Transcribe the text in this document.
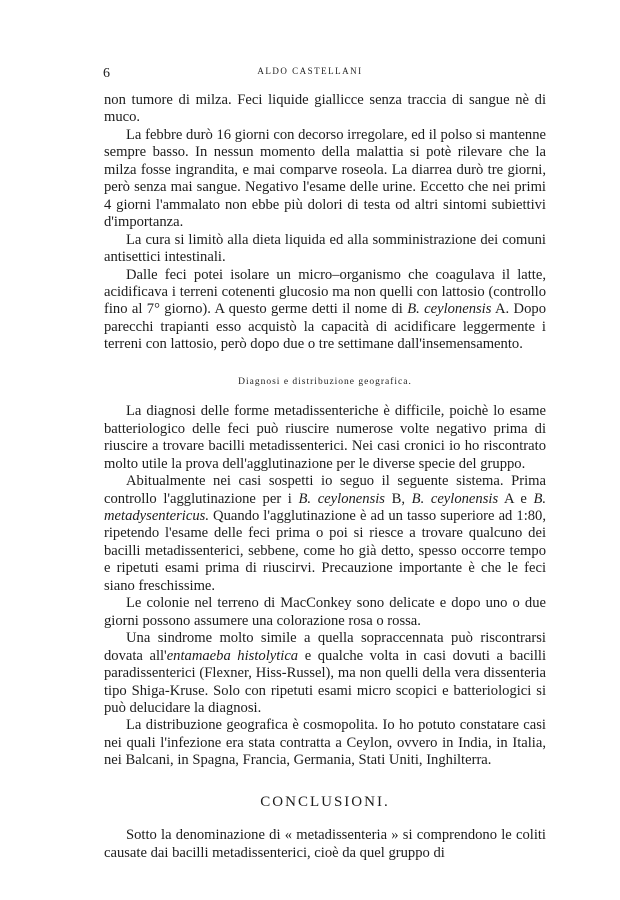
6	ALDO CASTELLANI

non tumore di milza. Feci liquide giallicce senza traccia di sangue nè di muco.

La febbre durò 16 giorni con decorso irregolare, ed il polso si mantenne sempre basso. In nessun momento della malattia si potè rilevare che la milza fosse ingrandita, e mai comparve roseola. La diarrea durò tre giorni, però senza mai sangue. Negativo l'esame delle urine. Eccetto che nei primi 4 giorni l'ammalato non ebbe più dolori di testa od altri sintomi subiettivi d'importanza.

La cura si limitò alla dieta liquida ed alla somministrazione dei comuni antisettici intestinali.

Dalle feci potei isolare un micro–organismo che coagulava il latte, acidificava i terreni cotenenti glucosio ma non quelli con lattosio (controllo fino al 7° giorno). A questo germe detti il nome di B. ceylonensis A. Dopo parecchi trapianti esso acquistò la capacità di acidificare leggermente i terreni con lattosio, però dopo due o tre settimane dall'insemensamento.

Diagnosi e distribuzione geografica.

La diagnosi delle forme metadissenteriche è difficile, poichè lo esame batteriologico delle feci può riuscire numerose volte negativo prima di riuscire a trovare bacilli metadissenterici. Nei casi cronici io ho riscontrato molto utile la prova dell'agglutinazione per le diverse specie del gruppo.

Abitualmente nei casi sospetti io seguo il seguente sistema. Prima controllo l'agglutinazione per i B. ceylonensis B, B. ceylonensis A e B. metadysentericus. Quando l'agglutinazione è ad un tasso superiore ad 1:80, ripetendo l'esame delle feci prima o poi si riesce a trovare qualcuno dei bacilli metadissenterici, sebbene, come ho già detto, spesso occorre tempo e ripetuti esami prima di riuscirvi. Precauzione importante è che le feci siano freschissime.

Le colonie nel terreno di MacConkey sono delicate e dopo uno o due giorni possono assumere una colorazione rosa o rossa.

Una sindrome molto simile a quella sopraccennata può riscontrarsi dovata all'entamaeba histolytica e qualche volta in casi dovuti a bacilli paradissenterici (Flexner, Hiss-Russel), ma non quelli della vera dissenteria tipo Shiga-Kruse. Solo con ripetuti esami micro scopici e batteriologici si può delucidare la diagnosi.

La distribuzione geografica è cosmopolita. Io ho potuto constatare casi nei quali l'infezione era stata contratta a Ceylon, ovvero in India, in Italia, nei Balcani, in Spagna, Francia, Germania, Stati Uniti, Inghilterra.

CONCLUSIONI.

Sotto la denominazione di « metadissenteria » si comprendono le coliti causate dai bacilli metadissenterici, cioè da quel gruppo di
